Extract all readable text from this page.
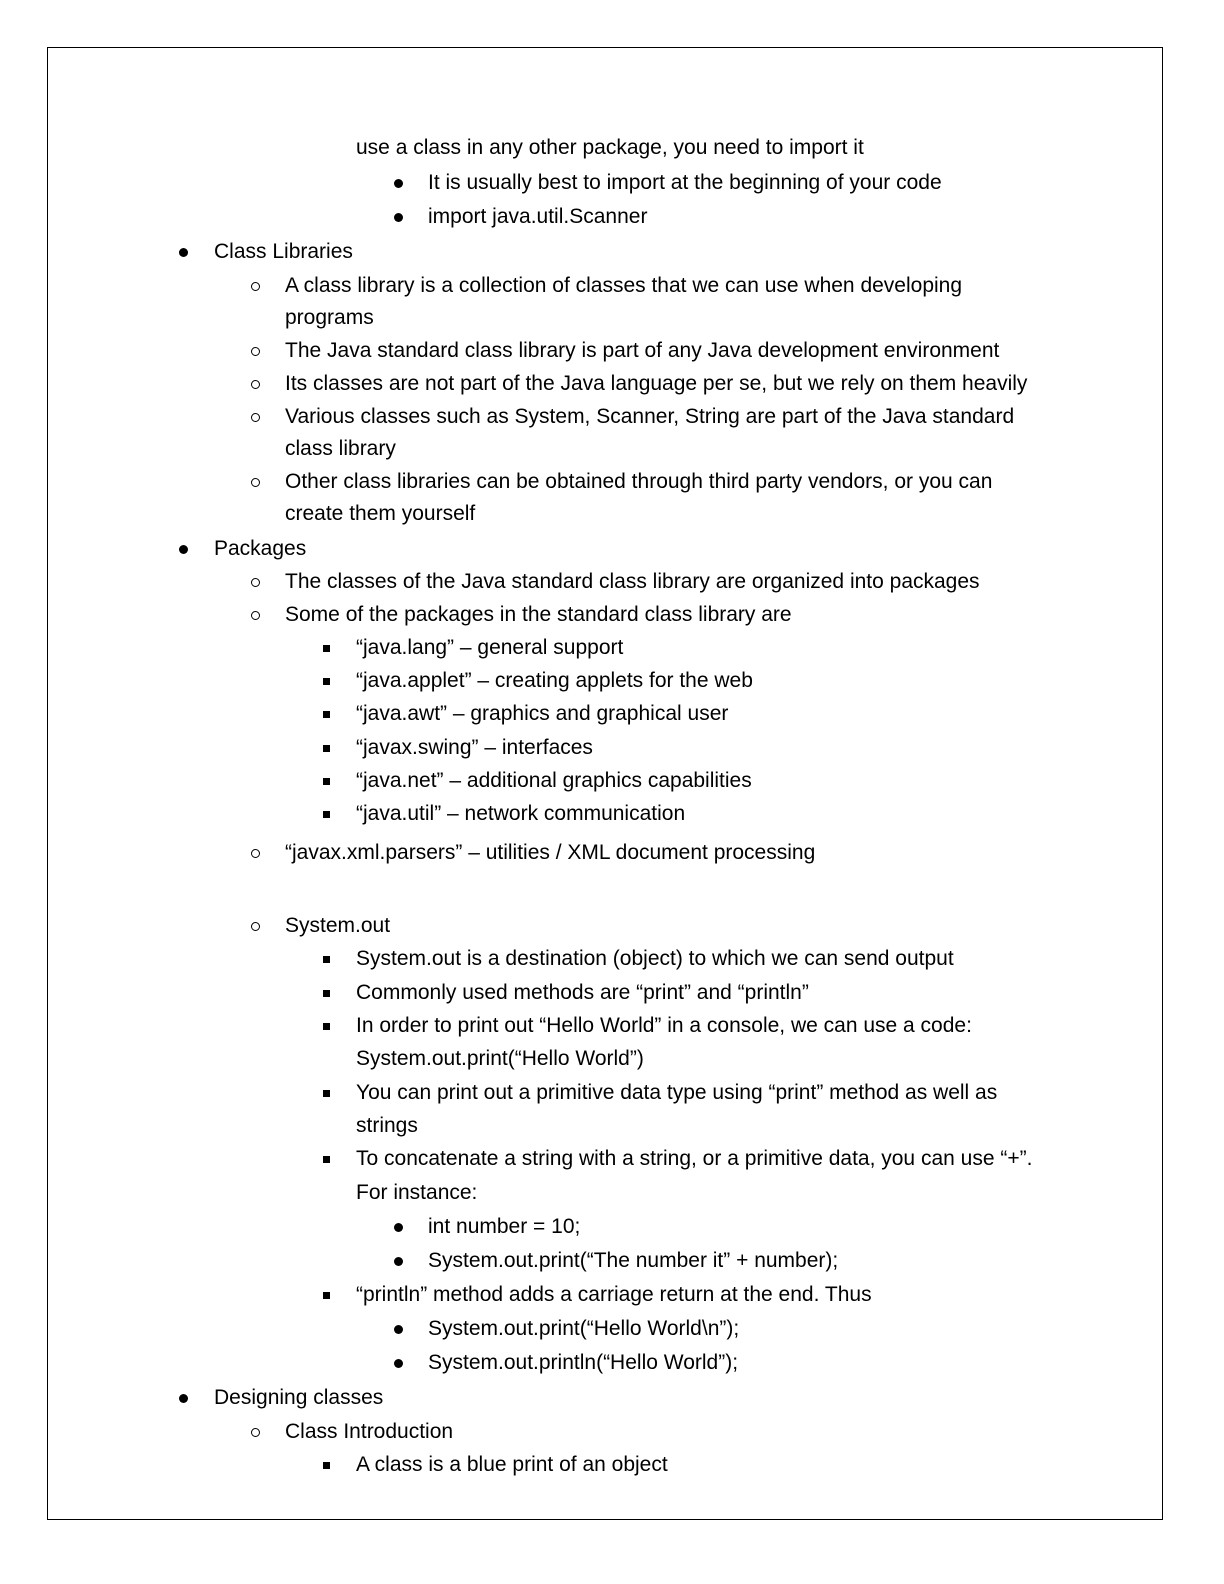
use a class in any other package, you need to import it
It is usually best to import at the beginning of your code
import java.util.Scanner
Class Libraries
A class library is a collection of classes that we can use when developing
programs
The Java standard class library is part of any Java development environment
Its classes are not part of the Java language per se, but we rely on them heavily
Various classes such as System, Scanner, String are part of the Java standard
class library
Other class libraries can be obtained through third party vendors, or you can
create them yourself
Packages
The classes of the Java standard class library are organized into packages
Some of the packages in the standard class library are
“java.lang” – general support
“java.applet” – creating applets for the web
“java.awt” – graphics and graphical user
“javax.swing” – interfaces
“java.net” – additional graphics capabilities
“java.util” – network communication
“javax.xml.parsers” – utilities / XML document processing
System.out
System.out is a destination (object) to which we can send output
Commonly used methods are “print” and “println”
In order to print out “Hello World” in a console, we can use a code:
System.out.print(“Hello World”)
You can print out a primitive data type using “print” method as well as
strings
To concatenate a string with a string, or a primitive data, you can use “+”.
For instance:
int number = 10;
System.out.print(“The number it” + number);
“println” method adds a carriage return at the end. Thus
System.out.print(“Hello World\n”);
System.out.println(“Hello World”);
Designing classes
Class Introduction
A class is a blue print of an object
